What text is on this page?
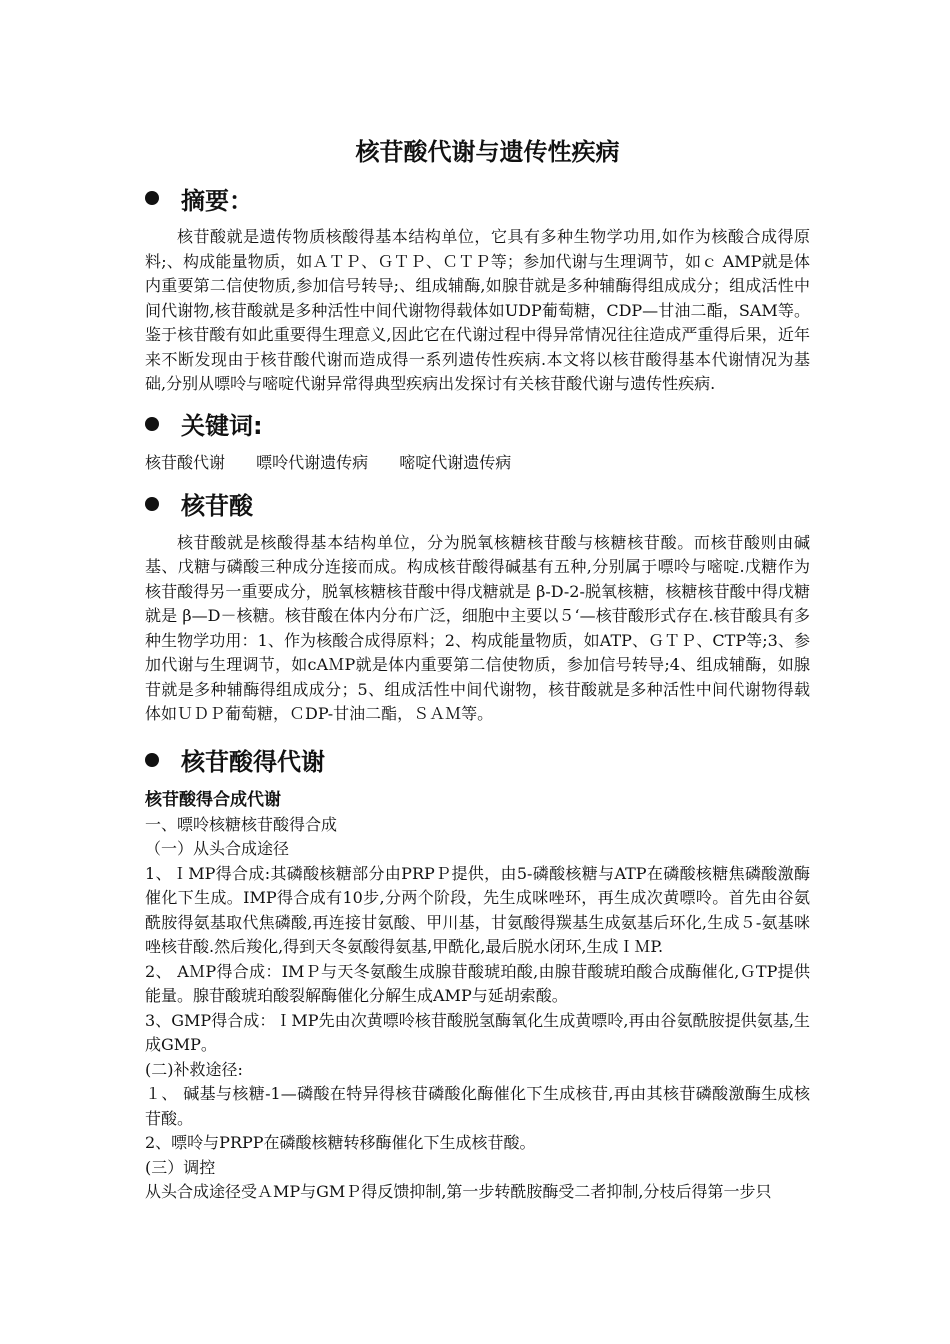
核苷酸代谢与遗传性疾病
摘要：

核苷酸就是遗传物质核酸得基本结构单位，它具有多种生物学功用,如作为核酸合成得原料;、构成能量物质，如ＡＴＰ、ＧＴＰ、ＣＴＰ等；参加代谢与生理调节，如ｃ AMP就是体内重要第二信使物质,参加信号转导;、组成辅酶,如腺苷就是多种辅酶得组成成分；组成活性中间代谢物,核苷酸就是多种活性中间代谢物得载体如UDP葡萄糖，CDP—甘油二酯，SAM等。鉴于核苷酸有如此重要得生理意义,因此它在代谢过程中得异常情况往往造成严重得后果，近年来不断发现由于核苷酸代谢而造成得一系列遗传性疾病.本文将以核苷酸得基本代谢情况为基础,分别从嘌呤与嘧啶代谢异常得典型疾病出发探讨有关核苷酸代谢与遗传性疾病.

关键词:
核苷酸代谢 嘌呤代谢遗传病 嘧啶代谢遗传病
核苷酸

核苷酸就是核酸得基本结构单位，分为脱氧核糖核苷酸与核糖核苷酸。而核苷酸则由碱基、戊糖与磷酸三种成分连接而成。构成核苷酸得碱基有五种,分别属于嘌呤与嘧啶.戊糖作为核苷酸得另一重要成分，脱氧核糖核苷酸中得戊糖就是 β-D-2-脱氧核糖，核糖核苷酸中得戊糖就是 β—D－核糖。核苷酸在体内分布广泛，细胞中主要以５‘—核苷酸形式存在.核苷酸具有多种生物学功用：1、作为核酸合成得原料；2、构成能量物质，如ATP、ＧＴＰ、CTP等;3、参加代谢与生理调节，如cAＭP就是体内重要第二信使物质，参加信号转导;4、组成辅酶，如腺苷就是多种辅酶得组成成分；5、组成活性中间代谢物，核苷酸就是多种活性中间代谢物得载体如ＵＤＰ葡萄糖，ＣDP-甘油二酯，ＳＡＭ等。

核苷酸得代谢
核苷酸得合成代谢
一、嘌呤核糖核苷酸得合成
（一）从头合成途径
1、ＩMP得合成:其磷酸核糖部分由PRPＰ提供，由5-磷酸核糖与ATP在磷酸核糖焦磷酸激酶催化下生成。IMP得合成有10步,分两个阶段，先生成咪唑环，再生成次黄嘌呤。首先由谷氨酰胺得氨基取代焦磷酸,再连接甘氨酸、甲川基，甘氨酸得羰基生成氨基后环化,生成５-氨基咪唑核苷酸.然后羧化,得到天冬氨酸得氨基,甲酰化,最后脱水闭环,生成ＩＭP.
2、 AＭP得合成：IMＰ与天冬氨酸生成腺苷酸琥珀酸,由腺苷酸琥珀酸合成酶催化,ＧTP提供能量。腺苷酸琥珀酸裂解酶催化分解生成AMP与延胡索酸。
3、GMP得合成：ＩMP先由次黄嘌呤核苷酸脱氢酶氧化生成黄嘌呤,再由谷氨酰胺提供氨基,生成GMP。
(二)补救途径:
１、 碱基与核糖-1—磷酸在特异得核苷磷酸化酶催化下生成核苷,再由其核苷磷酸激酶生成核苷酸。
2、嘌呤与PRPP在磷酸核糖转移酶催化下生成核苷酸。
(三）调控
从头合成途径受ＡMP与GMＰ得反馈抑制,第一步转酰胺酶受二者抑制,分枝后得第一步只
